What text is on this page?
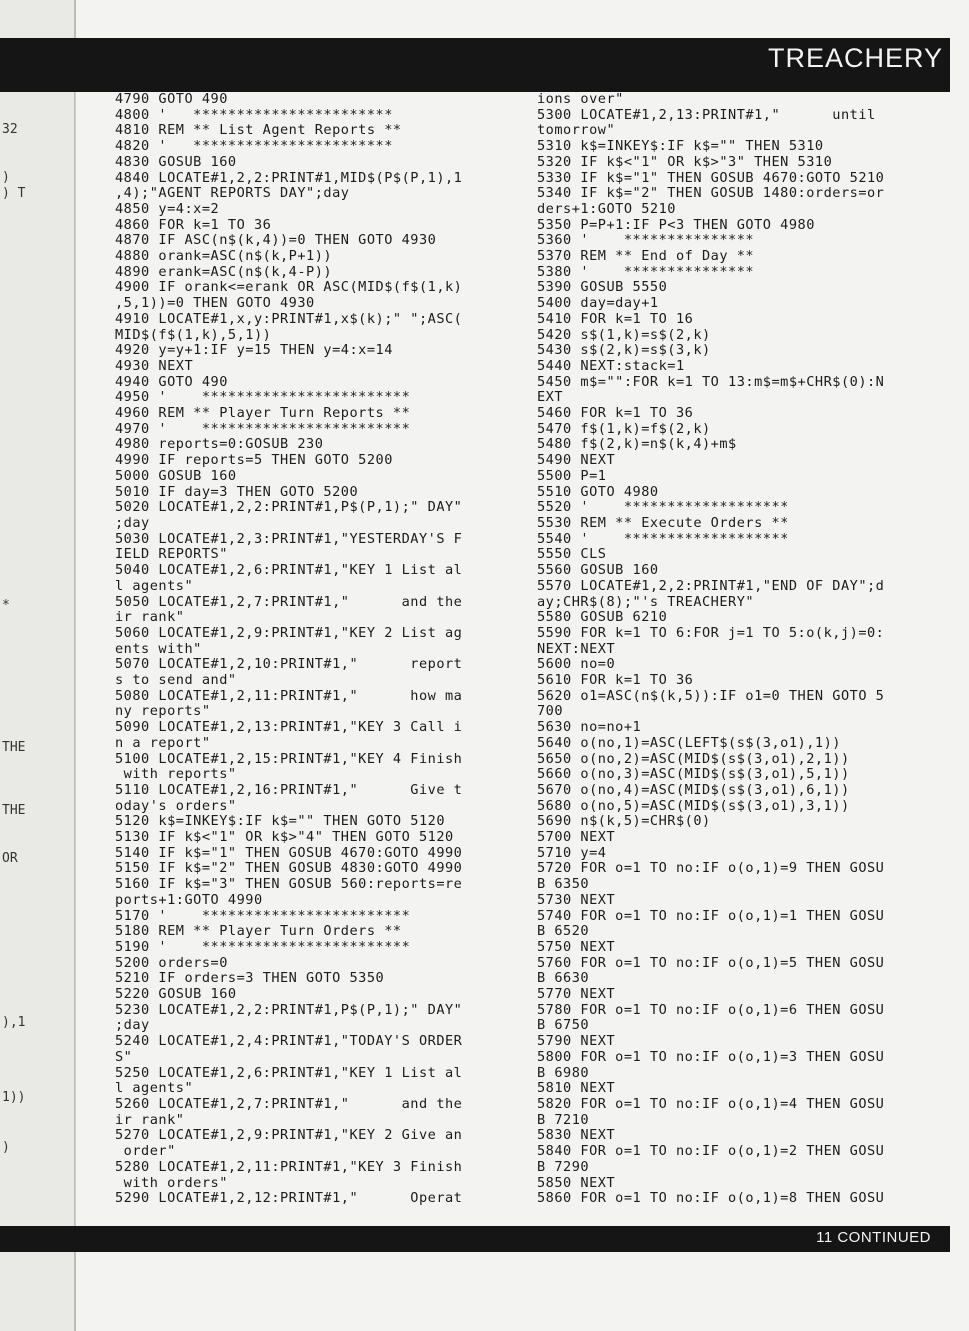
32
)
) T
*
THE
THE
OR
),1
1))
)
TREACHERY
4790 GOTO 490
4800 '   ***********************
4810 REM ** List Agent Reports **
4820 '   ***********************
4830 GOSUB 160
4840 LOCATE#1,2,2:PRINT#1,MID$(P$(P,1),1
,4);"AGENT REPORTS DAY";day
4850 y=4:x=2
4860 FOR k=1 TO 36
4870 IF ASC(n$(k,4))=0 THEN GOTO 4930
4880 orank=ASC(n$(k,P+1))
4890 erank=ASC(n$(k,4-P))
4900 IF orank<=erank OR ASC(MID$(f$(1,k)
,5,1))=0 THEN GOTO 4930
4910 LOCATE#1,x,y:PRINT#1,x$(k);" ";ASC(
MID$(f$(1,k),5,1))
4920 y=y+1:IF y=15 THEN y=4:x=14
4930 NEXT
4940 GOTO 490
4950 '    ************************
4960 REM ** Player Turn Reports **
4970 '    ************************
4980 reports=0:GOSUB 230
4990 IF reports=5 THEN GOTO 5200
5000 GOSUB 160
5010 IF day=3 THEN GOTO 5200
5020 LOCATE#1,2,2:PRINT#1,P$(P,1);" DAY"
;day
5030 LOCATE#1,2,3:PRINT#1,"YESTERDAY'S F
IELD REPORTS"
5040 LOCATE#1,2,6:PRINT#1,"KEY 1 List al
l agents"
5050 LOCATE#1,2,7:PRINT#1,"      and the
ir rank"
5060 LOCATE#1,2,9:PRINT#1,"KEY 2 List ag
ents with"
5070 LOCATE#1,2,10:PRINT#1,"      report
s to send and"
5080 LOCATE#1,2,11:PRINT#1,"      how ma
ny reports"
5090 LOCATE#1,2,13:PRINT#1,"KEY 3 Call i
n a report"
5100 LOCATE#1,2,15:PRINT#1,"KEY 4 Finish
with reports"
5110 LOCATE#1,2,16:PRINT#1,"      Give t
oday's orders"
5120 k$=INKEY$:IF k$="" THEN GOTO 5120
5130 IF k$<"1" OR k$>"4" THEN GOTO 5120
5140 IF k$="1" THEN GOSUB 4670:GOTO 4990
5150 IF k$="2" THEN GOSUB 4830:GOTO 4990
5160 IF k$="3" THEN GOSUB 560:reports=re
ports+1:GOTO 4990
5170 '    ************************
5180 REM ** Player Turn Orders **
5190 '    ************************
5200 orders=0
5210 IF orders=3 THEN GOTO 5350
5220 GOSUB 160
5230 LOCATE#1,2,2:PRINT#1,P$(P,1);" DAY"
;day
5240 LOCATE#1,2,4:PRINT#1,"TODAY'S ORDER
S"
5250 LOCATE#1,2,6:PRINT#1,"KEY 1 List al
l agents"
5260 LOCATE#1,2,7:PRINT#1,"      and the
ir rank"
5270 LOCATE#1,2,9:PRINT#1,"KEY 2 Give an
order"
5280 LOCATE#1,2,11:PRINT#1,"KEY 3 Finish
with orders"
5290 LOCATE#1,2,12:PRINT#1,"      Operat
ions over"
5300 LOCATE#1,2,13:PRINT#1,"      until
tomorrow"
5310 k$=INKEY$:IF k$="" THEN 5310
5320 IF k$<"1" OR k$>"3" THEN 5310
5330 IF k$="1" THEN GOSUB 4670:GOTO 5210
5340 IF k$="2" THEN GOSUB 1480:orders=or
ders+1:GOTO 5210
5350 P=P+1:IF P<3 THEN GOTO 4980
5360 '    ***************
5370 REM ** End of Day **
5380 '    ***************
5390 GOSUB 5550
5400 day=day+1
5410 FOR k=1 TO 16
5420 s$(1,k)=s$(2,k)
5430 s$(2,k)=s$(3,k)
5440 NEXT:stack=1
5450 m$="":FOR k=1 TO 13:m$=m$+CHR$(0):N
EXT
5460 FOR k=1 TO 36
5470 f$(1,k)=f$(2,k)
5480 f$(2,k)=n$(k,4)+m$
5490 NEXT
5500 P=1
5510 GOTO 4980
5520 '    *******************
5530 REM ** Execute Orders **
5540 '    *******************
5550 CLS
5560 GOSUB 160
5570 LOCATE#1,2,2:PRINT#1,"END OF DAY";d
ay;CHR$(8);"'s TREACHERY"
5580 GOSUB 6210
5590 FOR k=1 TO 6:FOR j=1 TO 5:o(k,j)=0:
NEXT:NEXT
5600 no=0
5610 FOR k=1 TO 36
5620 o1=ASC(n$(k,5)):IF o1=0 THEN GOTO 5
700
5630 no=no+1
5640 o(no,1)=ASC(LEFT$(s$(3,o1),1))
5650 o(no,2)=ASC(MID$(s$(3,o1),2,1))
5660 o(no,3)=ASC(MID$(s$(3,o1),5,1))
5670 o(no,4)=ASC(MID$(s$(3,o1),6,1))
5680 o(no,5)=ASC(MID$(s$(3,o1),3,1))
5690 n$(k,5)=CHR$(0)
5700 NEXT
5710 y=4
5720 FOR o=1 TO no:IF o(o,1)=9 THEN GOSU
B 6350
5730 NEXT
5740 FOR o=1 TO no:IF o(o,1)=1 THEN GOSU
B 6520
5750 NEXT
5760 FOR o=1 TO no:IF o(o,1)=5 THEN GOSU
B 6630
5770 NEXT
5780 FOR o=1 TO no:IF o(o,1)=6 THEN GOSU
B 6750
5790 NEXT
5800 FOR o=1 TO no:IF o(o,1)=3 THEN GOSU
B 6980
5810 NEXT
5820 FOR o=1 TO no:IF o(o,1)=4 THEN GOSU
B 7210
5830 NEXT
5840 FOR o=1 TO no:IF o(o,1)=2 THEN GOSU
B 7290
5850 NEXT
5860 FOR o=1 TO no:IF o(o,1)=8 THEN GOSU
11 CONTINUED
